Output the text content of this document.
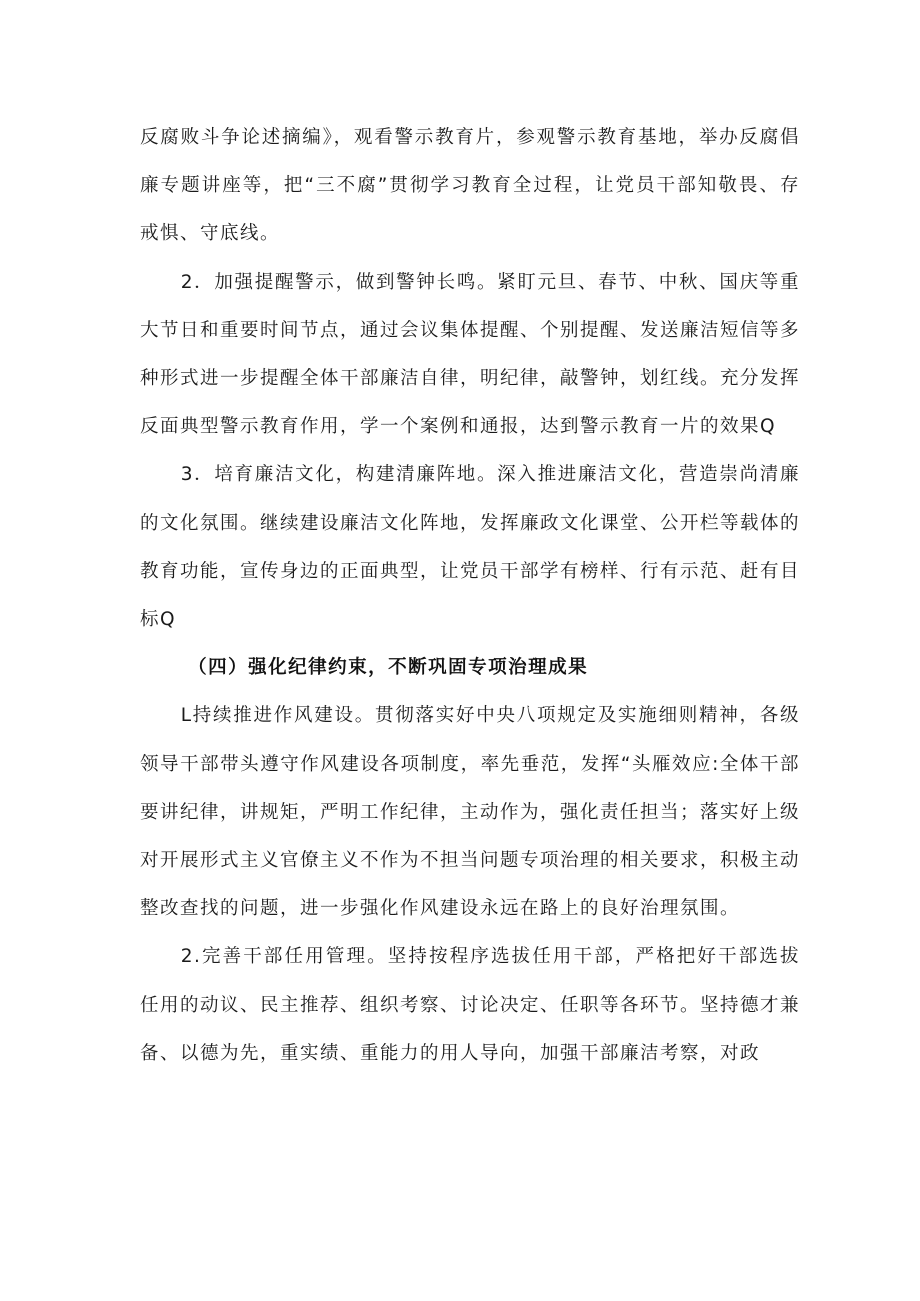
反腐败斗争论述摘编》，观看警示教育片，参观警示教育基地，举办反腐倡廉专题讲座等，把“三不腐”贯彻学习教育全过程，让党员干部知敬畏、存戒惧、守底线。

2．加强提醒警示，做到警钟长鸣。紧盯元旦、春节、中秋、国庆等重大节日和重要时间节点，通过会议集体提醒、个别提醒、发送廉洁短信等多种形式进一步提醒全体干部廉洁自律，明纪律，敲警钟，划红线。充分发挥反面典型警示教育作用，学一个案例和通报，达到警示教育一片的效果Q

3．培育廉洁文化，构建清廉阵地。深入推进廉洁文化，营造崇尚清廉的文化氛围。继续建设廉洁文化阵地，发挥廉政文化课堂、公开栏等载体的教育功能，宣传身边的正面典型，让党员干部学有榜样、行有示范、赶有目标Q

（四）强化纪律约束，不断巩固专项治理成果

L持续推进作风建设。贯彻落实好中央八项规定及实施细则精神，各级领导干部带头遵守作风建设各项制度，率先垂范，发挥“头雁效应:全体干部要讲纪律，讲规矩，严明工作纪律，主动作为，强化责任担当；落实好上级对开展形式主义官僚主义不作为不担当问题专项治理的相关要求，积极主动整改查找的问题，进一步强化作风建设永远在路上的良好治理氛围。

2.完善干部任用管理。坚持按程序选拔任用干部，严格把好干部选拔任用的动议、民主推荐、组织考察、讨论决定、任职等各环节。坚持德才兼备、以德为先，重实绩、重能力的用人导向，加强干部廉洁考察，对政
